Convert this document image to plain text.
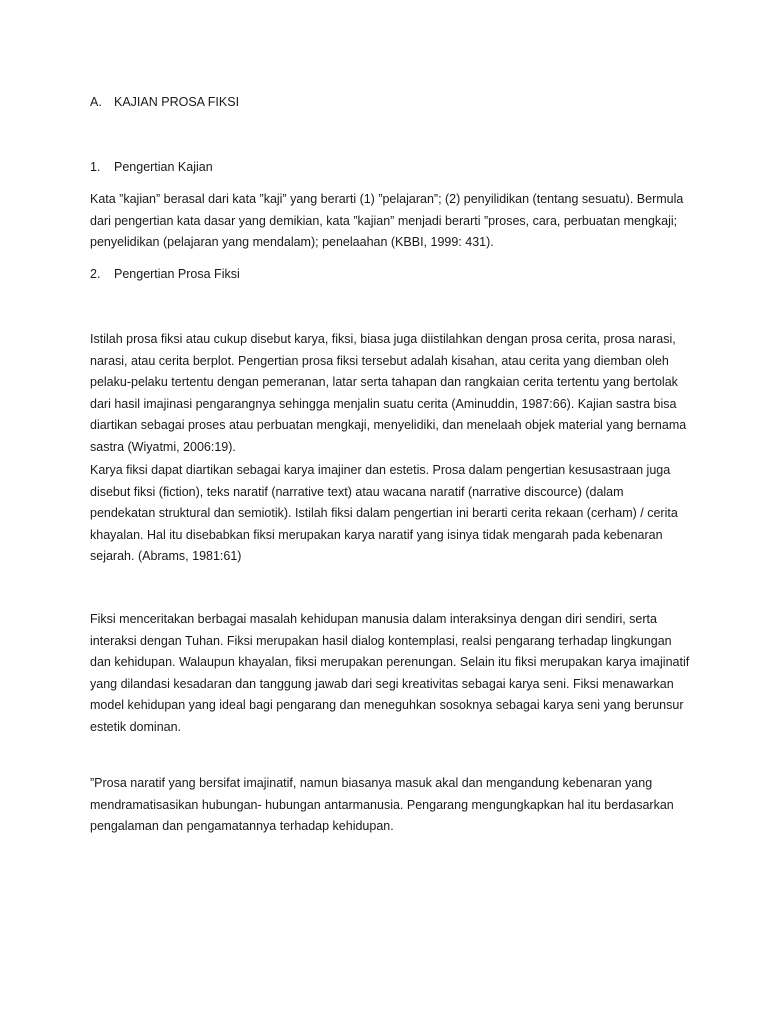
A. KAJIAN PROSA FIKSI
1. Pengertian Kajian

Kata ”kajian” berasal dari kata ”kaji” yang berarti (1) ”pelajaran”; (2) penyilidikan (tentang sesuatu). Bermula dari pengertian kata dasar yang demikian, kata ”kajian” menjadi berarti ”proses, cara, perbuatan mengkaji; penyelidikan (pelajaran yang mendalam); penelaahan (KBBI, 1999: 431).

2. Pengertian Prosa Fiksi

Istilah prosa fiksi atau cukup disebut karya, fiksi, biasa juga diistilahkan dengan prosa cerita, prosa narasi, narasi, atau cerita berplot. Pengertian prosa fiksi tersebut adalah kisahan, atau cerita yang diemban oleh pelaku-pelaku tertentu dengan pemeranan, latar serta tahapan dan rangkaian cerita tertentu yang bertolak dari hasil imajinasi pengarangnya sehingga menjalin suatu cerita (Aminuddin, 1987:66). Kajian sastra bisa diartikan sebagai proses atau perbuatan mengkaji, menyelidiki, dan menelaah objek material yang bernama sastra (Wiyatmi, 2006:19).

Karya fiksi dapat diartikan sebagai karya imajiner dan estetis. Prosa dalam pengertian kesusastraan juga disebut fiksi (fiction), teks naratif (narrative text) atau wacana naratif (narrative discource) (dalam pendekatan struktural dan semiotik). Istilah fiksi dalam pengertian ini berarti cerita rekaan (cerham) / cerita khayalan. Hal itu disebabkan fiksi merupakan karya naratif yang isinya tidak mengarah pada kebenaran sejarah. (Abrams, 1981:61)

Fiksi menceritakan berbagai masalah kehidupan manusia dalam interaksinya dengan diri sendiri, serta interaksi dengan Tuhan. Fiksi merupakan hasil dialog kontemplasi, realsi pengarang terhadap lingkungan dan kehidupan. Walaupun khayalan, fiksi merupakan perenungan. Selain itu fiksi merupakan karya imajinatif yang dilandasi kesadaran dan tanggung jawab dari segi kreativitas sebagai karya seni. Fiksi menawarkan model kehidupan yang ideal bagi pengarang dan meneguhkan sosoknya sebagai karya seni yang berunsur estetik dominan.

”Prosa naratif yang bersifat imajinatif, namun biasanya masuk akal dan mengandung kebenaran yang mendramatisasikan hubungan- hubungan antarmanusia. Pengarang mengungkapkan hal itu berdasarkan pengalaman dan pengamatannya terhadap kehidupan.
